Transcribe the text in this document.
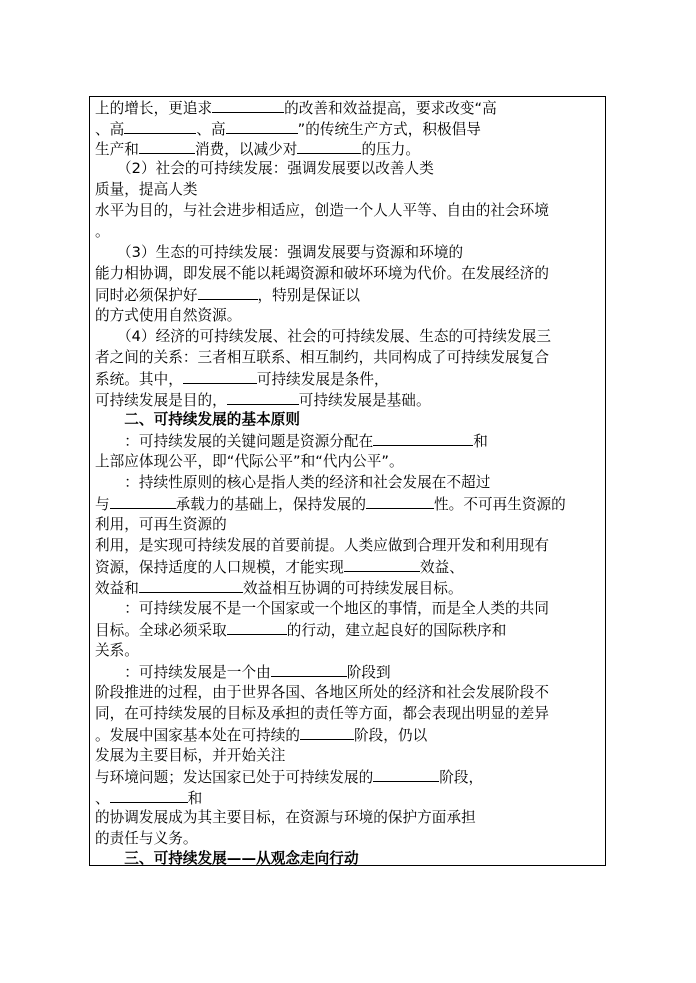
上的增长，更追求	的改善和效益提高，要求改变“高
、高	、高	”的传统生产方式，积极倡导
生产和	消费，以减少对	的压力。
　　（2）社会的可持续发展：强调发展要以改善人类
质量，提高人类
水平为目的，与社会进步相适应，创造一个人人平等、自由的社会环境
。
　　（3）生态的可持续发展：强调发展要与资源和环境的
能力相协调，即发展不能以耗竭资源和破坏环境为代价。在发展经济的
同时必须保护好	，特别是保证以
的方式使用自然资源。
　　（4）经济的可持续发展、社会的可持续发展、生态的可持续发展三
者之间的关系：三者相互联系、相互制约，共同构成了可持续发展复合
系统。其中，	可持续发展是条件，
可持续发展是目的，	可持续发展是基础。
　　二、可持续发展的基本原则
　　：可持续发展的关键问题是资源分配在	和
上部应体现公平，即“代际公平”和“代内公平”。
　　：持续性原则的核心是指人类的经济和社会发展在不超过
与	承载力的基础上，保持发展的	性。不可再生资源的
利用，可再生资源的
利用，是实现可持续发展的首要前提。人类应做到合理开发和利用现有
资源，保持适度的人口规模，才能实现	效益、
效益和	效益相互协调的可持续发展目标。
　　：可持续发展不是一个国家或一个地区的事情，而是全人类的共同
目标。全球必须采取	的行动，建立起良好的国际秩序和
关系。
　　：可持续发展是一个由	阶段到
阶段推进的过程，由于世界各国、各地区所处的经济和社会发展阶段不
同，在可持续发展的目标及承担的责任等方面，都会表现出明显的差异
。发展中国家基本处在可持续的	阶段，仍以
发展为主要目标，并开始关注
与环境问题；发达国家已处于可持续发展的	阶段，
、	和
的协调发展成为其主要目标，在资源与环境的保护方面承担
的责任与义务。
　　三、可持续发展——从观念走向行动
